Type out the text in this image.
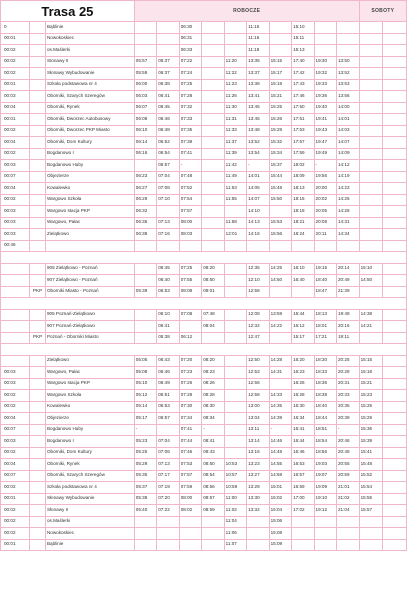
Trasa 25			ROBOCZE										SOBOTY	
0		Bąblinie			06:30			11:15		15:10				
00:01		Nowokoskiec			06:31			11:16		15:11				
00:02		os.Maślerki			06:33			11:18		15:13				
00:02		Stonawy II	05:57	06:37	07:22		11:20	13:35	15:15	17:40	19:30	13:50		
00:02		Słonawy Wybudowanie	05:59	06:37	07:24		11:22	13:37	15:17	17:42	19:32	13:52		
00:01		Szkoła podstawowa nr 4	06:00	06:38	07:25		11:23	13:38	15:18	17:43	19:33	13:53		
00:03		Oborniki, Szarych Szeregów	06:03	06:41	07:28		11:26	13:41	15:21	17:46	19:36	13:56		
00:04		Oborniki, Rynek	06:07	06:45	07:32		11:30	13:45	15:25	17:50	19:40	14:00		
00:01		Oborniki, Dworzec Autobusowy	06:08	06:46	07:33		11:31	13:46	15:26	17:51	19:41	14:01		
00:02		Oborniki, Dworzec PKP Miasto	06:10	06:48	07:35		11:33	13:48	15:28	17:53	19:43	14:03		
00:04		Oborniki, Dom Kultury	06:14	06:52	07:39		11:37	13:52	15:32	17:57	19:47	14:07		
00:02		Bogdanowo I	06:16	06:54	07:41		11:39	13:54	15:34	17:59	19:49	14:09		
00:03		Bogdanowo Huby		06:57	-		11:42	-	15:37	18:02	-	14:12		
00:07		Objezierze	06:23	07:04	07:48		11:49	14:01	15:44	18:09	19:56	14:19		
00:04		Kowalewko	06:27	07:08	07:52		11:53	14:05	15:48	18:13	20:00	14:23		
00:02		Wargowo Szkoła	06:29	07:10	07:54		11:55	14:07	15:50	18:15	20:02	14:25		
00:03		Wargowo stacja PKP	06:32		07:57			14:10		18:18	20:05	14:28		
00:03		Wargowo, Pałac	06:35	07:13	08:00		11:58	14:13	15:53	18:21	20:08	14:31		
00:03		Zielątkowo	06:38	07:16	08:03		12:01	14:16	15:56	18:24	20:11	14:34		
00:46														

		905 Zielątkowo - Poznań		06:45	07:25	08:20		12:35	14:25	16:10	19:15	20:14	15:10	
		907 Zielątkowo - Poznań		06:40	07:55	08:50		12:10	14:50	16:40	18:40	20:49	14:50	
	PKP	Oborniki Miasto - Poznań	05:39	06:53	08:08	09:01		12:58			18:47	21:39		

		905 Poznań-Zielątkowo		06:10	07:08	07:48		12:08	13:59	15:44	18:13	19:48	14:38	
		907 Poznań-Zielątkowo		06:41		08:04		12:32	14:22	16:12	18:01	20:16	14:21	
	PKP	Poznań - Oborniki Miasto		05:38	06:12			12:47		15:17	17:21	19:11		

		Zielątkowo	05:05	06:43	07:20	08:20		12:50	14:28	16:20	18:30	20:25	15:15	
00:03		Wargowo, Pałac	05:08	06:46	07:23	08:23		12:53	14:31	16:23	18:33	20:28	15:18	
00:03		Wargowo stacja PKP	05:10	06:49	07:26	08:26		12:56		16:26	18:36	20:31	15:21	
00:02		Wargowo Szkoła	05:12	06:51	07:28	08:28		12:58	14:33	16:28	18:38	20:33	15:23	
00:02		Kowalewko	05:14	06:53	07:30	08:30		13:00	14:35	16:30	18:40	20:35	15:25	
00:04		Objezierze	05:17	06:57	07:34	08:34		13:04	14:39	16:34	18:44	20:39	15:29	
00:07		Bogdanowo Huby	-		07:41	-		13:11	-	16:41	18:51	-	15:36	
00:03		Bogdanowo I	05:23	07:04	07:44	08:41		13:14	14:46	16:44	18:54	20:46	15:39	
00:02		Oborniki, Dom Kultury	05:25	07:06	07:46	08:43		13:16	14:48	16:46	18:56	20:48	15:41	
00:04		Oborniki, Rynek	05:29	07:13	07:53	08:50	10:53	13:23	14:55	16:53	19:03	20:55	15:48	
00:07		Oborniki, Szarych Szeregów	05:35	07:17	07:57	08:54	10:57	13:27	14:59	16:57	19:07	20:59	15:52	
00:02		Szkoła podstawowa nr 4	05:37	07:19	07:59	08:56	10:59	13:29	15:01	16:59	19:09	21:01	15:54	
00:01		Słonawy Wybudowanie	05:38	07:20	08:00	08:57	11:00	13:30	15:02	17:00	19:10	21:02	15:55	
00:02		Słonawy II	05:40	07:22	08:02	08:59	11:02	13:32	15:04	17:02	19:12	21:04	15:57	
00:02		os.Maślerki					11:04		15:06					
00:02		Nowokoskiec					11:06		15:08					
00:01		Bąblinie					11:07		15:09					
